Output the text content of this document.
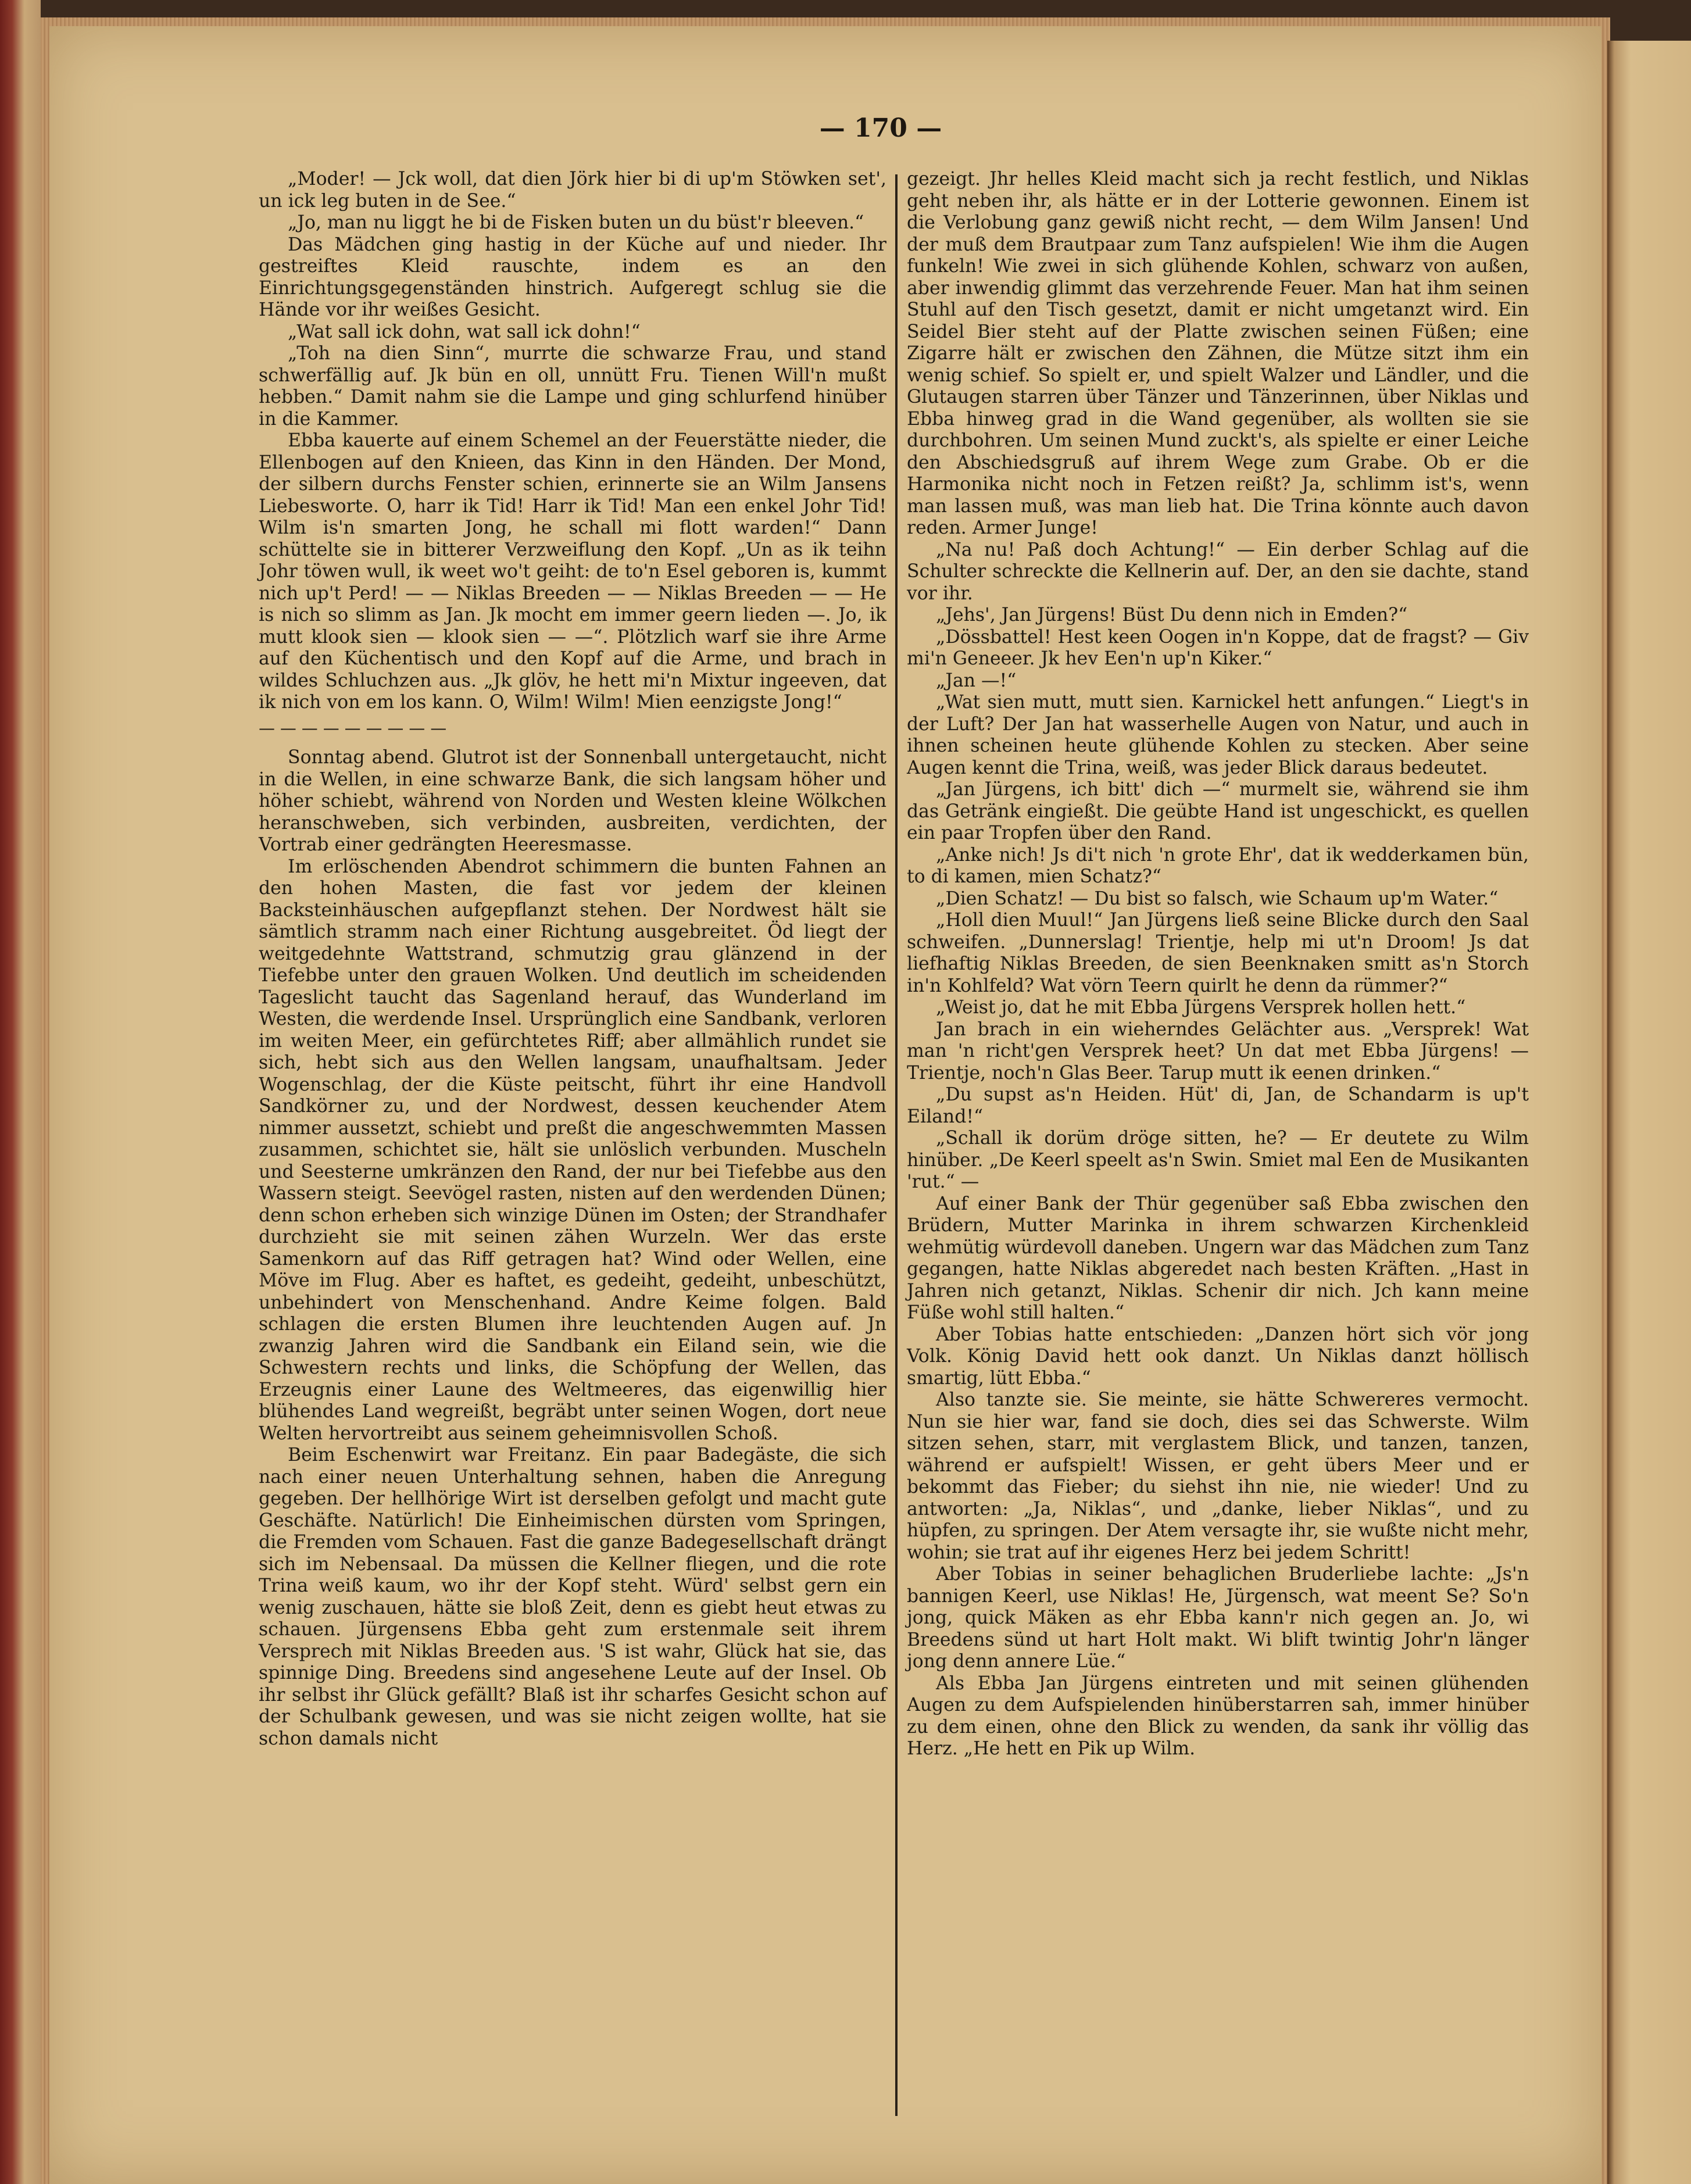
— 170 —

„Moder! — Jck woll, dat dien Jörk hier bi di up'm Stöwken set', un ick leg buten in de See.“

„Jo, man nu liggt he bi de Fisken buten un du büst'r bleeven.“

Das Mädchen ging hastig in der Küche auf und nieder. Ihr gestreiftes Kleid rauschte, indem es an den Einrichtungsgegenständen hinstrich. Aufgeregt schlug sie die Hände vor ihr weißes Gesicht.

„Wat sall ick dohn, wat sall ick dohn!“

„Toh na dien Sinn“, murrte die schwarze Frau, und stand schwerfällig auf. Jk bün en oll, unnütt Fru. Tienen Will'n mußt hebben.“ Damit nahm sie die Lampe und ging schlurfend hinüber in die Kammer.

Ebba kauerte auf einem Schemel an der Feuerstätte nieder, die Ellenbogen auf den Knieen, das Kinn in den Händen. Der Mond, der silbern durchs Fenster schien, erinnerte sie an Wilm Jansens Liebesworte. O, harr ik Tid! Harr ik Tid! Man een enkel Johr Tid! Wilm is'n smarten Jong, he schall mi flott warden!“ Dann schüttelte sie in bitterer Verzweiflung den Kopf. „Un as ik teihn Johr töwen wull, ik weet wo't geiht: de to'n Esel geboren is, kummt nich up't Perd! — — Niklas Breeden — — Niklas Breeden — — He is nich so slimm as Jan. Jk mocht em immer geern lieden —. Jo, ik mutt klook sien — klook sien — —“. Plötzlich warf sie ihre Arme auf den Küchentisch und den Kopf auf die Arme, und brach in wildes Schluchzen aus. „Jk glöv, he hett mi'n Mixtur ingeeven, dat ik nich von em los kann. O, Wilm! Wilm! Mien eenzigste Jong!“

— — — — — — — — —

Sonntag abend. Glutrot ist der Sonnenball untergetaucht, nicht in die Wellen, in eine schwarze Bank, die sich langsam höher und höher schiebt, während von Norden und Westen kleine Wölkchen heranschweben, sich verbinden, ausbreiten, verdichten, der Vortrab einer gedrängten Heeresmasse.

Im erlöschenden Abendrot schimmern die bunten Fahnen an den hohen Masten, die fast vor jedem der kleinen Backsteinhäuschen aufgepflanzt stehen. Der Nordwest hält sie sämtlich stramm nach einer Richtung ausgebreitet. Öd liegt der weitgedehnte Wattstrand, schmutzig grau glänzend in der Tiefebbe unter den grauen Wolken. Und deutlich im scheidenden Tageslicht taucht das Sagenland herauf, das Wunderland im Westen, die werdende Insel. Ursprünglich eine Sandbank, verloren im weiten Meer, ein gefürchtetes Riff; aber allmählich rundet sie sich, hebt sich aus den Wellen langsam, unaufhaltsam. Jeder Wogenschlag, der die Küste peitscht, führt ihr eine Handvoll Sandkörner zu, und der Nordwest, dessen keuchender Atem nimmer aussetzt, schiebt und preßt die angeschwemmten Massen zusammen, schichtet sie, hält sie unlöslich verbunden. Muscheln und Seesterne umkränzen den Rand, der nur bei Tiefebbe aus den Wassern steigt. Seevögel rasten, nisten auf den werdenden Dünen; denn schon erheben sich winzige Dünen im Osten; der Strandhafer durchzieht sie mit seinen zähen Wurzeln. Wer das erste Samenkorn auf das Riff getragen hat? Wind oder Wellen, eine Möve im Flug. Aber es haftet, es gedeiht, gedeiht, unbeschützt, unbehindert von Menschenhand. Andre Keime folgen. Bald schlagen die ersten Blumen ihre leuchtenden Augen auf. Jn zwanzig Jahren wird die Sandbank ein Eiland sein, wie die Schwestern rechts und links, die Schöpfung der Wellen, das Erzeugnis einer Laune des Weltmeeres, das eigenwillig hier blühendes Land wegreißt, begräbt unter seinen Wogen, dort neue Welten hervortreibt aus seinem geheimnisvollen Schoß.

Beim Eschenwirt war Freitanz. Ein paar Badegäste, die sich nach einer neuen Unterhaltung sehnen, haben die Anregung gegeben. Der hellhörige Wirt ist derselben gefolgt und macht gute Geschäfte. Natürlich! Die Einheimischen dürsten vom Springen, die Fremden vom Schauen. Fast die ganze Badegesellschaft drängt sich im Nebensaal. Da müssen die Kellner fliegen, und die rote Trina weiß kaum, wo ihr der Kopf steht. Würd' selbst gern ein wenig zuschauen, hätte sie bloß Zeit, denn es giebt heut etwas zu schauen. Jürgensens Ebba geht zum erstenmale seit ihrem Versprech mit Niklas Breeden aus. 'S ist wahr, Glück hat sie, das spinnige Ding. Breedens sind angesehene Leute auf der Insel. Ob ihr selbst ihr Glück gefällt? Blaß ist ihr scharfes Gesicht schon auf der Schulbank gewesen, und was sie nicht zeigen wollte, hat sie schon damals nicht

gezeigt. Jhr helles Kleid macht sich ja recht festlich, und Niklas geht neben ihr, als hätte er in der Lotterie gewonnen. Einem ist die Verlobung ganz gewiß nicht recht, — dem Wilm Jansen! Und der muß dem Brautpaar zum Tanz aufspielen! Wie ihm die Augen funkeln! Wie zwei in sich glühende Kohlen, schwarz von außen, aber inwendig glimmt das verzehrende Feuer. Man hat ihm seinen Stuhl auf den Tisch gesetzt, damit er nicht umgetanzt wird. Ein Seidel Bier steht auf der Platte zwischen seinen Füßen; eine Zigarre hält er zwischen den Zähnen, die Mütze sitzt ihm ein wenig schief. So spielt er, und spielt Walzer und Ländler, und die Glutaugen starren über Tänzer und Tänzerinnen, über Niklas und Ebba hinweg grad in die Wand gegenüber, als wollten sie sie durchbohren. Um seinen Mund zuckt's, als spielte er einer Leiche den Abschiedsgruß auf ihrem Wege zum Grabe. Ob er die Harmonika nicht noch in Fetzen reißt? Ja, schlimm ist's, wenn man lassen muß, was man lieb hat. Die Trina könnte auch davon reden. Armer Junge!

„Na nu! Paß doch Achtung!“ — Ein derber Schlag auf die Schulter schreckte die Kellnerin auf. Der, an den sie dachte, stand vor ihr.

„Jehs', Jan Jürgens! Büst Du denn nich in Emden?“

„Dössbattel! Hest keen Oogen in'n Koppe, dat de fragst? — Giv mi'n Geneeer. Jk hev Een'n up'n Kiker.“

„Jan —!“

„Wat sien mutt, mutt sien. Karnickel hett anfungen.“ Liegt's in der Luft? Der Jan hat wasserhelle Augen von Natur, und auch in ihnen scheinen heute glühende Kohlen zu stecken. Aber seine Augen kennt die Trina, weiß, was jeder Blick daraus bedeutet.

„Jan Jürgens, ich bitt' dich —“ murmelt sie, während sie ihm das Getränk eingießt. Die geübte Hand ist ungeschickt, es quellen ein paar Tropfen über den Rand.

„Anke nich! Js di't nich 'n grote Ehr', dat ik wedderkamen bün, to di kamen, mien Schatz?“

„Dien Schatz! — Du bist so falsch, wie Schaum up'm Water.“

„Holl dien Muul!“ Jan Jürgens ließ seine Blicke durch den Saal schweifen. „Dunnerslag! Trientje, help mi ut'n Droom! Js dat liefhaftig Niklas Breeden, de sien Beenknaken smitt as'n Storch in'n Kohlfeld? Wat vörn Teern quirlt he denn da rümmer?“

„Weist jo, dat he mit Ebba Jürgens Versprek hollen hett.“

Jan brach in ein wieherndes Gelächter aus. „Versprek! Wat man 'n richt'gen Versprek heet? Un dat met Ebba Jürgens! — Trientje, noch'n Glas Beer. Tarup mutt ik eenen drinken.“

„Du supst as'n Heiden. Hüt' di, Jan, de Schandarm is up't Eiland!“

„Schall ik dorüm dröge sitten, he? — Er deutete zu Wilm hinüber. „De Keerl speelt as'n Swin. Smiet mal Een de Musikanten 'rut.“ —

Auf einer Bank der Thür gegenüber saß Ebba zwischen den Brüdern, Mutter Marinka in ihrem schwarzen Kirchenkleid wehmütig würdevoll daneben. Ungern war das Mädchen zum Tanz gegangen, hatte Niklas abgeredet nach besten Kräften. „Hast in Jahren nich getanzt, Niklas. Schenir dir nich. Jch kann meine Füße wohl still halten.“

Aber Tobias hatte entschieden: „Danzen hört sich vör jong Volk. König David hett ook danzt. Un Niklas danzt höllisch smartig, lütt Ebba.“

Also tanzte sie. Sie meinte, sie hätte Schwereres vermocht. Nun sie hier war, fand sie doch, dies sei das Schwerste. Wilm sitzen sehen, starr, mit verglastem Blick, und tanzen, tanzen, während er aufspielt! Wissen, er geht übers Meer und er bekommt das Fieber; du siehst ihn nie, nie wieder! Und zu antworten: „Ja, Niklas“, und „danke, lieber Niklas“, und zu hüpfen, zu springen. Der Atem versagte ihr, sie wußte nicht mehr, wohin; sie trat auf ihr eigenes Herz bei jedem Schritt!

Aber Tobias in seiner behaglichen Bruderliebe lachte: „Js'n bannigen Keerl, use Niklas! He, Jürgensch, wat meent Se? So'n jong, quick Mäken as ehr Ebba kann'r nich gegen an. Jo, wi Breedens sünd ut hart Holt makt. Wi blift twintig Johr'n länger jong denn annere Lüe.“

Als Ebba Jan Jürgens eintreten und mit seinen glühenden Augen zu dem Aufspielenden hinüberstarren sah, immer hinüber zu dem einen, ohne den Blick zu wenden, da sank ihr völlig das Herz. „He hett en Pik up Wilm.
